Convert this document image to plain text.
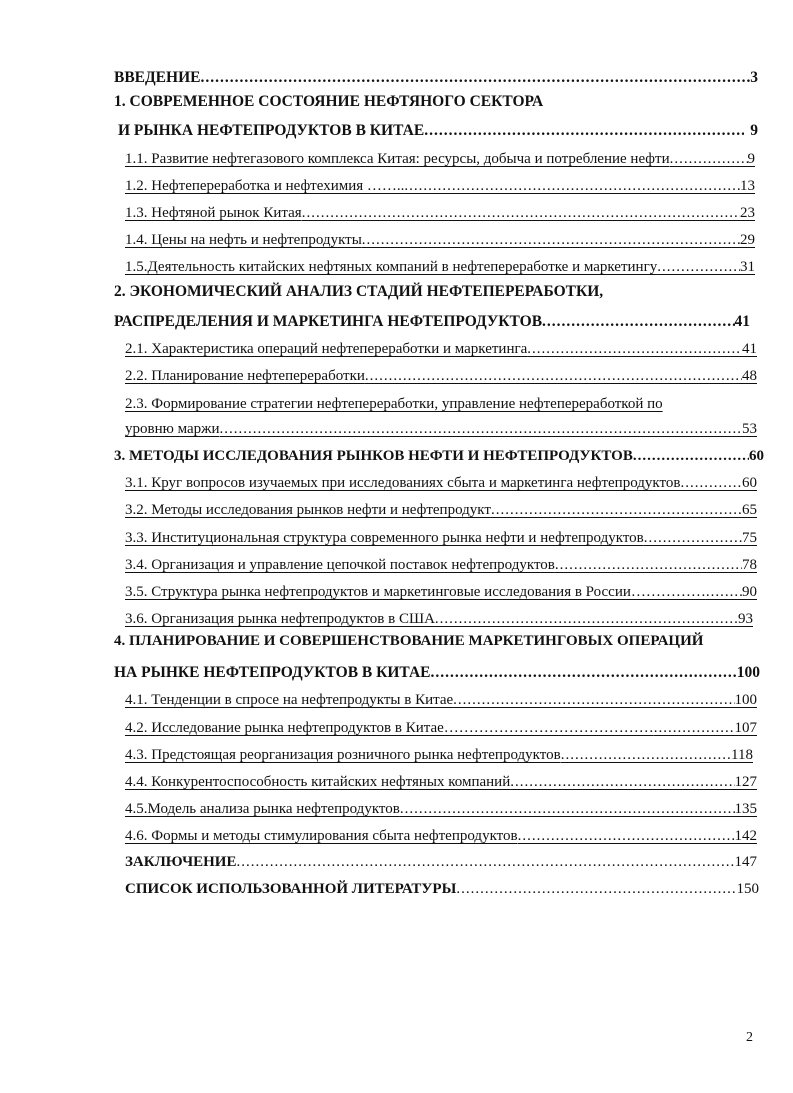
ВВЕДЕНИЕ .....	3
1. СОВРЕМЕННОЕ СОСТОЯНИЕ НЕФТЯНОГО СЕКТОРА
И РЫНКА НЕФТЕПРОДУКТОВ В КИТАЕ .....	9
1.1. Развитие нефтегазового комплекса Китая: ресурсы, добыча и потребление нефти .....	9
1.2. Нефтепереработка и нефтехимия …….. .....	13
1.3. Нефтяной рынок Китая .....	23
1.4. Цены на нефть и нефтепродукты .....	29
1.5.Деятельность китайских нефтяных компаний в нефтепереработке и маркетингу .....	31
2. ЭКОНОМИЧЕСКИЙ АНАЛИЗ СТАДИЙ НЕФТЕПЕРЕРАБОТКИ,
РАСПРЕДЕЛЕНИЯ И МАРКЕТИНГА НЕФТЕПРОДУКТОВ .....	41
2.1. Характеристика операций нефтепереработки и маркетинга .....	41
2.2. Планирование нефтепереработки .....	48
2.3. Формирование стратегии нефтепереработки, управление нефтепереработкой по
уровню маржи .....	53
3. МЕТОДЫ ИССЛЕДОВАНИЯ РЫНКОВ НЕФТИ И НЕФТЕПРОДУКТОВ .....	60
3.1. Круг вопросов изучаемых при исследованиях сбыта и маркетинга нефтепродуктов .....	60
3.2. Методы исследования рынков нефти и нефтепродукт .....	65
3.3. Институциональная структура современного рынка нефти и нефтепродуктов .....	75
3.4. Организация и управление цепочкой поставок нефтепродуктов .....	78
3.5. Структура рынка нефтепродуктов и маркетинговые исследования в России…………… ..... 90
3.6. Организация рынка нефтепродуктов в США .....	93
4. ПЛАНИРОВАНИЕ И СОВЕРШЕНСТВОВАНИЕ МАРКЕТИНГОВЫХ ОПЕРАЦИЙ
НА РЫНКЕ НЕФТЕПРОДУКТОВ В КИТАЕ .....	100
4.1. Тенденции в спросе на нефтепродукты в Китае .....	100
4.2. Исследование рынка нефтепродуктов в Китае…………………………………… .....	107
4.3. Предстоящая реорганизация розничного рынка нефтепродуктов .....	118
4.4. Конкурентоспособность китайских нефтяных компаний .....	127
4.5.Модель анализа рынка нефтепродуктов .....	135
4.6. Формы и методы стимулирования сбыта нефтепродуктов .....	142
ЗАКЛЮЧЕНИЕ .....	147
СПИСОК ИСПОЛЬЗОВАННОЙ ЛИТЕРАТУРЫ .....	150
2
